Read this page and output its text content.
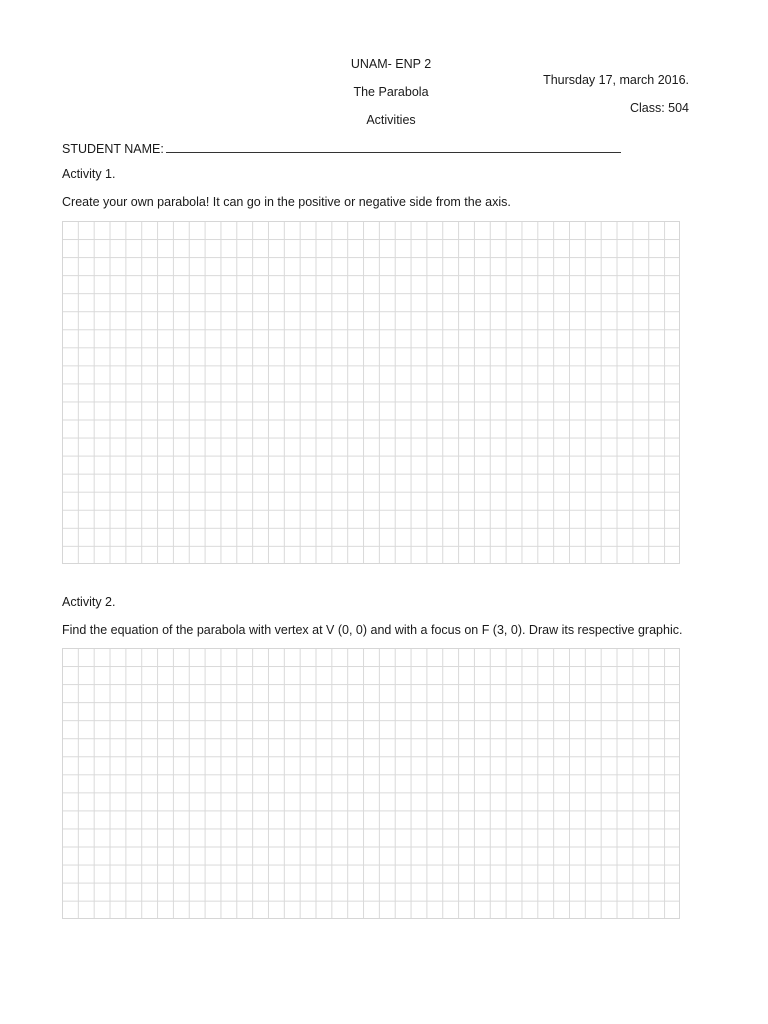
UNAM- ENP 2
The Parabola
Activities
Thursday 17, march 2016.
Class: 504
STUDENT NAME:
Activity 1.
Create your own parabola! It can go in the positive or negative side from the axis.
Activity 2.
Find the equation of the parabola with vertex at V (0, 0) and with a focus on F (3, 0). Draw its respective graphic.
